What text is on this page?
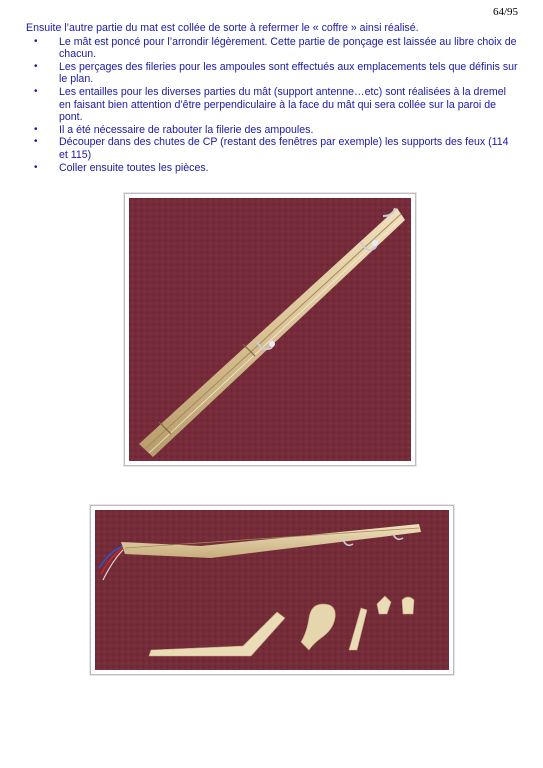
64/95

Ensuite l’autre partie du mat est collée de sorte à refermer le « coffre » ainsi réalisé.

• Le mât est poncé pour l’arrondir légèrement. Cette partie de ponçage est laissée au libre choix de chacun.
• Les perçages des fileries pour les ampoules sont effectués aux emplacements tels que définis sur le plan.
• Les entailles pour les diverses parties du mât (support antenne…etc) sont réalisées à la dremel en faisant bien attention d’être perpendiculaire à la face du mât qui sera collée sur la paroi de pont.
• Il a été nécessaire de rabouter la filerie des ampoules.
• Découper dans des chutes de CP (restant des fenêtres par exemple) les supports des feux (114 et 115)
• Coller ensuite toutes les pièces.
